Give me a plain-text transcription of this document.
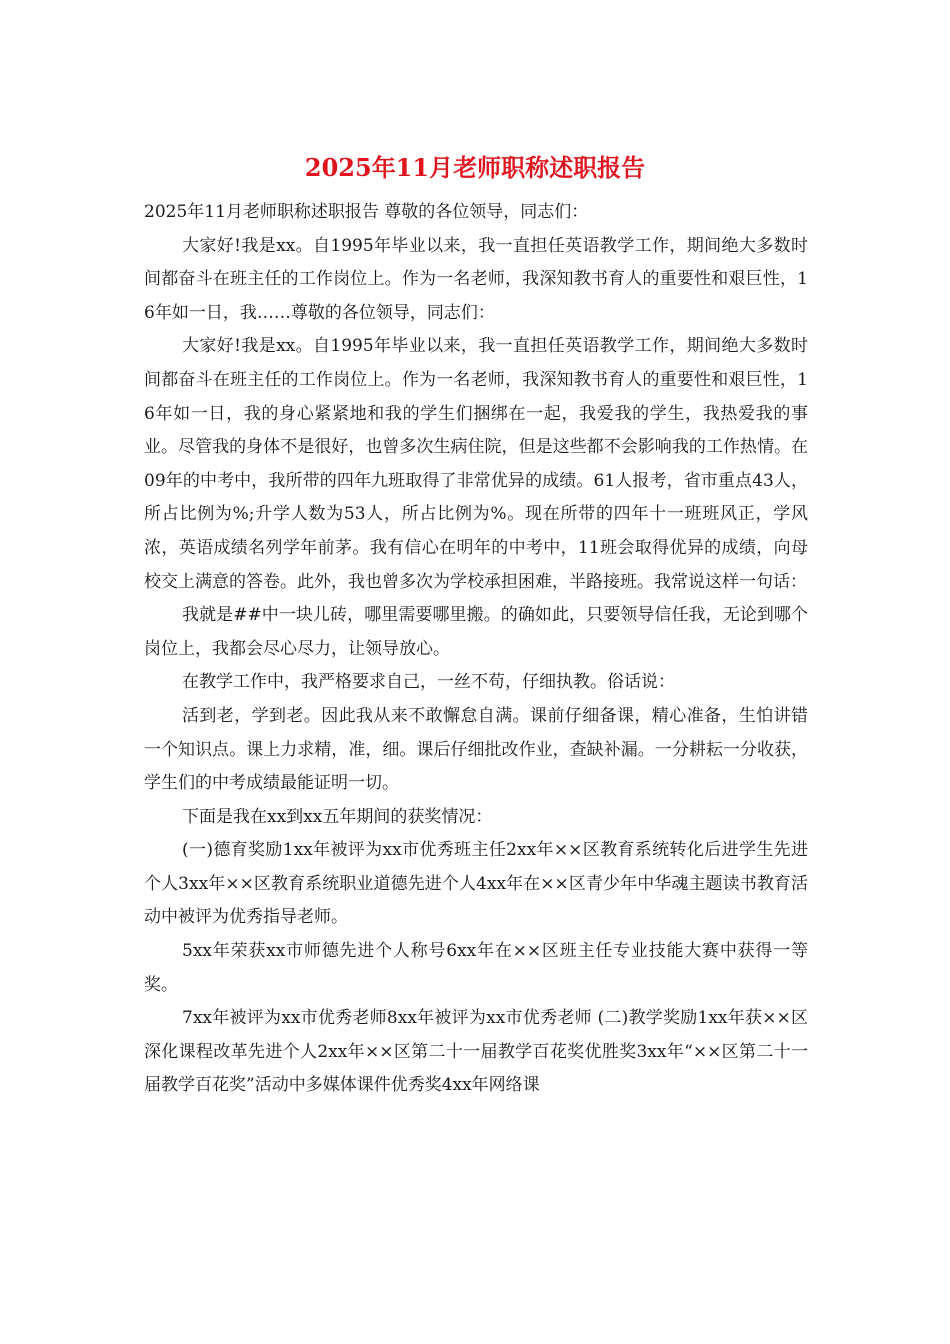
2025年11月老师职称述职报告

2025年11月老师职称述职报告 尊敬的各位领导，同志们：

大家好!我是xx。自1995年毕业以来，我一直担任英语教学工作，期间绝大多数时间都奋斗在班主任的工作岗位上。作为一名老师，我深知教书育人的重要性和艰巨性，16年如一日，我……尊敬的各位领导，同志们：

大家好!我是xx。自1995年毕业以来，我一直担任英语教学工作，期间绝大多数时间都奋斗在班主任的工作岗位上。作为一名老师，我深知教书育人的重要性和艰巨性，16年如一日，我的身心紧紧地和我的学生们捆绑在一起，我爱我的学生，我热爱我的事业。尽管我的身体不是很好，也曾多次生病住院，但是这些都不会影响我的工作热情。在09年的中考中，我所带的四年九班取得了非常优异的成绩。61人报考，省市重点43人，所占比例为%;升学人数为53人，所占比例为%。现在所带的四年十一班班风正，学风浓，英语成绩名列学年前茅。我有信心在明年的中考中，11班会取得优异的成绩，向母校交上满意的答卷。此外，我也曾多次为学校承担困难，半路接班。我常说这样一句话：

我就是##中一块儿砖，哪里需要哪里搬。的确如此，只要领导信任我，无论到哪个岗位上，我都会尽心尽力，让领导放心。

在教学工作中，我严格要求自己，一丝不苟，仔细执教。俗话说：

活到老，学到老。因此我从来不敢懈怠自满。课前仔细备课，精心准备，生怕讲错一个知识点。课上力求精，准，细。课后仔细批改作业，查缺补漏。一分耕耘一分收获，学生们的中考成绩最能证明一切。

下面是我在xx到xx五年期间的获奖情况：

(一)德育奖励1xx年被评为xx市优秀班主任2xx年××区教育系统转化后进学生先进个人3xx年××区教育系统职业道德先进个人4xx年在××区青少年中华魂主题读书教育活动中被评为优秀指导老师。

5xx年荣获xx市师德先进个人称号6xx年在××区班主任专业技能大赛中获得一等奖。

7xx年被评为xx市优秀老师8xx年被评为xx市优秀老师 (二)教学奖励1xx年获××区深化课程改革先进个人2xx年××区第二十一届教学百花奖优胜奖3xx年“××区第二十一届教学百花奖”活动中多媒体课件优秀奖4xx年网络课
